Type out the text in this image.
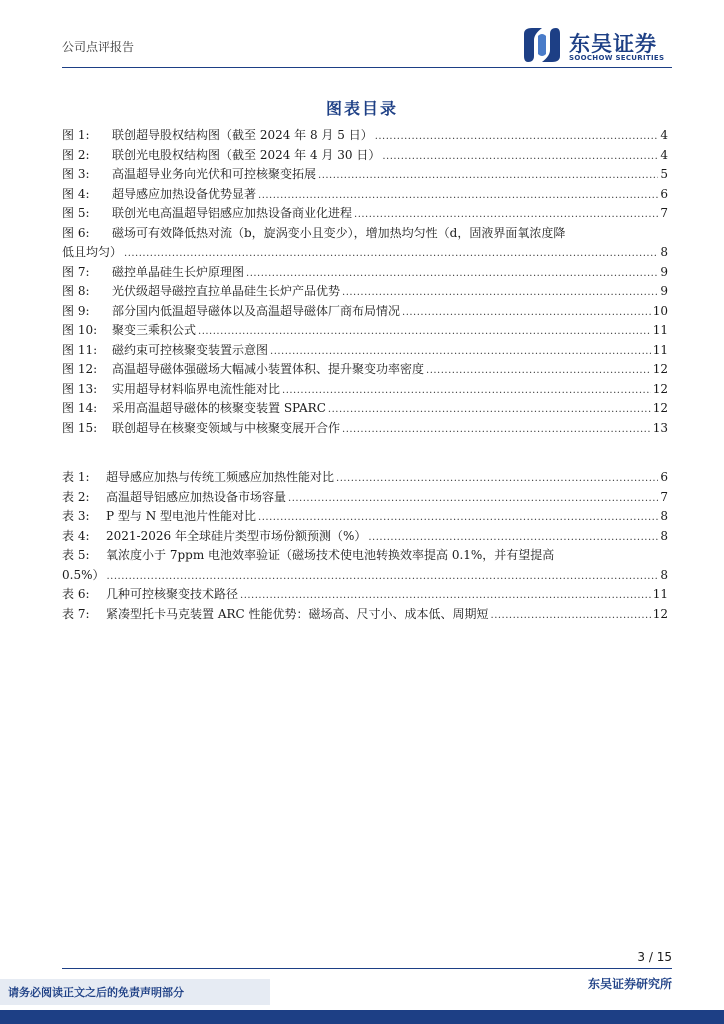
公司点评报告	东吴证券
SOOCHOW SECURITIES
图表目录
图 1:	联创超导股权结构图（截至 2024 年 8 月 5 日） .....	4
图 2:	联创光电股权结构图（截至 2024 年 4 月 30 日） .....	4
图 3:	高温超导业务向光伏和可控核聚变拓展 .....	5
图 4:	超导感应加热设备优势显著 .....	6
图 5:	联创光电高温超导铝感应加热设备商业化进程 .....	7
图 6: 磁场可有效降低热对流（b，旋涡变小且变少），增加热均匀性（d，固液界面氧浓度降
低且均匀） .....	8
图 7:	磁控单晶硅生长炉原理图 .....	9
图 8:	光伏级超导磁控直拉单晶硅生长炉产品优势 .....	9
图 9:	部分国内低温超导磁体以及高温超导磁体厂商布局情况 .....	10
图 10:	聚变三乘积公式 .....	11
图 11:	磁约束可控核聚变装置示意图 .....	11
图 12:	高温超导磁体强磁场大幅减小装置体积、提升聚变功率密度 .....	12
图 13:	实用超导材料临界电流性能对比 .....	12
图 14:	采用高温超导磁体的核聚变装置 SPARC .....	12
图 15:	联创超导在核聚变领域与中核聚变展开合作 .....	13
表 1:	超导感应加热与传统工频感应加热性能对比 .....	6
表 2:	高温超导铝感应加热设备市场容量 .....	7
表 3:	P 型与 N 型电池片性能对比 .....	8
表 4:	2021-2026 年全球硅片类型市场份额预测（%） .....	8
表 5: 氧浓度小于 7ppm 电池效率验证（磁场技术使电池转换效率提高 0.1%，并有望提高
0.5%） .....	8
表 6:	几种可控核聚变技术路径 .....	11
表 7:	紧凑型托卡马克装置 ARC 性能优势：磁场高、尺寸小、成本低、周期短 .....	12
3 / 15
东吴证券研究所
请务必阅读正文之后的免责声明部分
